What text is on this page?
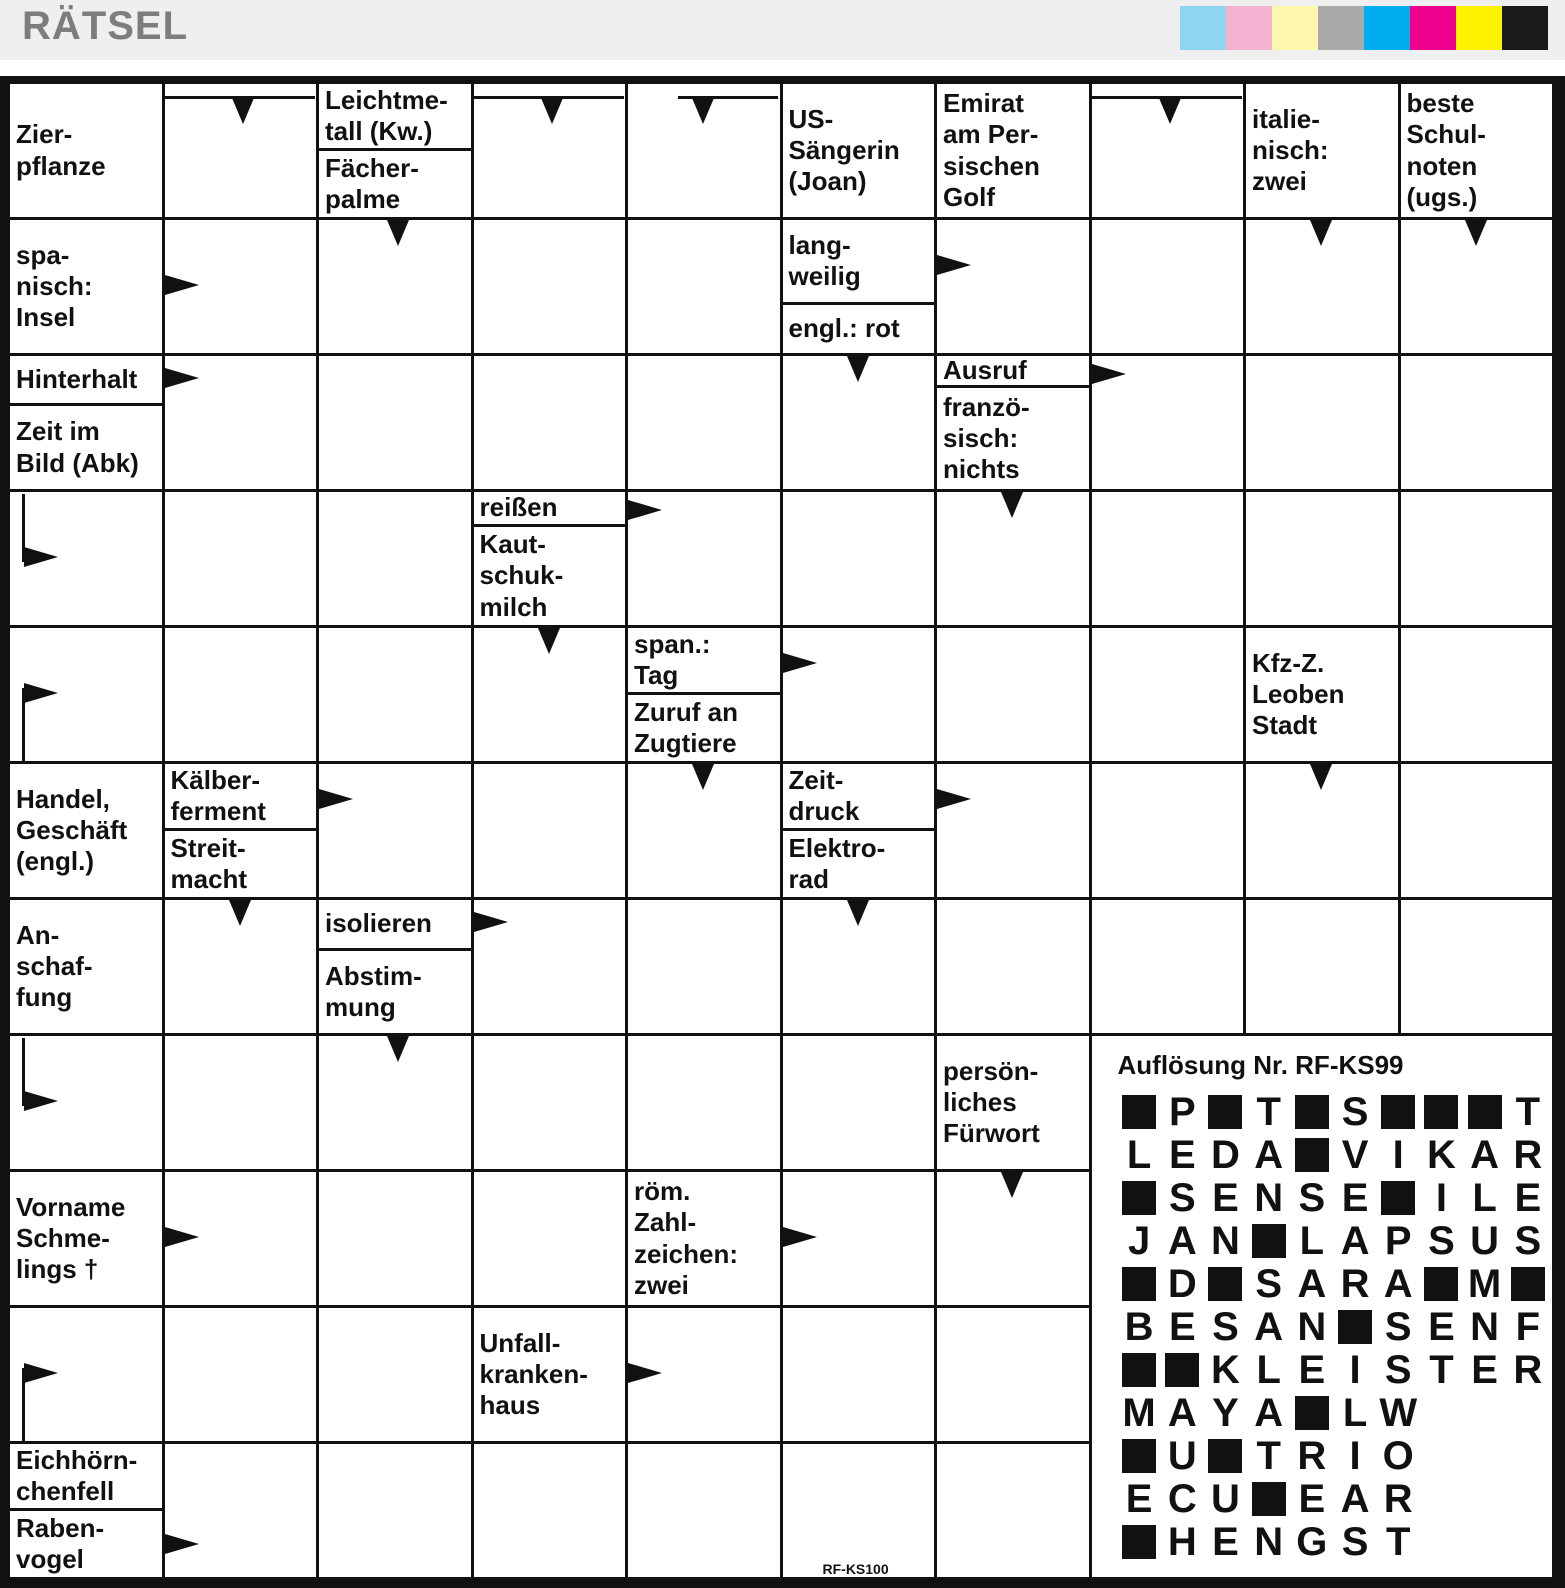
RÄTSEL
Zier-
pflanze
Leichtme-
tall (Kw.)
Fächer-
palme
US-
Sängerin
(Joan)
Emirat
am Per-
sischen
Golf
italie-
nisch:
zwei
beste
Schul-
noten
(ugs.)
spa-
nisch:
Insel
lang-
weilig
engl.: rot
Hinterhalt
Zeit im
Bild (Abk)
Ausruf
franzö-
sisch:
nichts
reißen
Kaut-
schuk-
milch
span.:
Tag
Zuruf an
Zugtiere
Kfz-Z.
Leoben
Stadt
Handel,
Geschäft
(engl.)
Kälber-
ferment
Streit-
macht
Zeit-
druck
Elektro-
rad
An-
schaf-
fung
isolieren
Abstim-
mung
persön-
liches
Fürwort
Vorname
Schme-
lings †
röm.
Zahl-
zeichen:
zwei
Unfall-
kranken-
haus
Eichhörn-
chenfell
Raben-
vogel
Auflösung Nr. RF-KS99
P T S	T
L E D A V I K A R
S E N S E	I L E
J A N L A P S U S
D S A R A M
B E S A N S E N F
K L E I S T E R
M A Y A L W
U T R I O
E C U E A R
H E N G S T
RF-KS100
